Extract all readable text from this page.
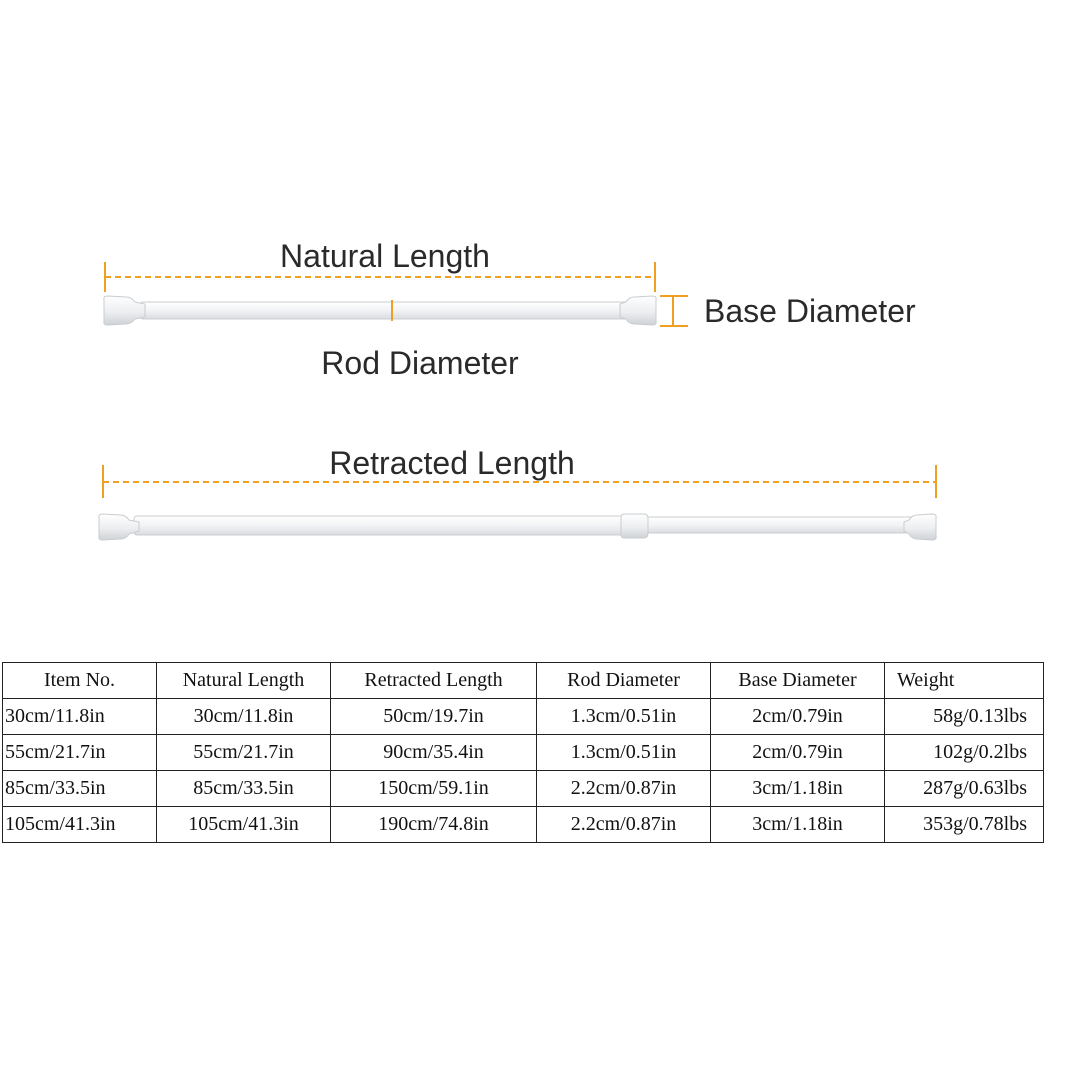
Natural Length
Base Diameter
Rod Diameter
Retracted Length
Item No.	Natural Length	Retracted Length	Rod Diameter	Base Diameter	Weight
30cm/11.8in	30cm/11.8in	50cm/19.7in	1.3cm/0.51in	2cm/0.79in	58g/0.13lbs
55cm/21.7in	55cm/21.7in	90cm/35.4in	1.3cm/0.51in	2cm/0.79in	102g/0.2lbs
85cm/33.5in	85cm/33.5in	150cm/59.1in	2.2cm/0.87in	3cm/1.18in	287g/0.63lbs
105cm/41.3in	105cm/41.3in	190cm/74.8in	2.2cm/0.87in	3cm/1.18in	353g/0.78lbs
